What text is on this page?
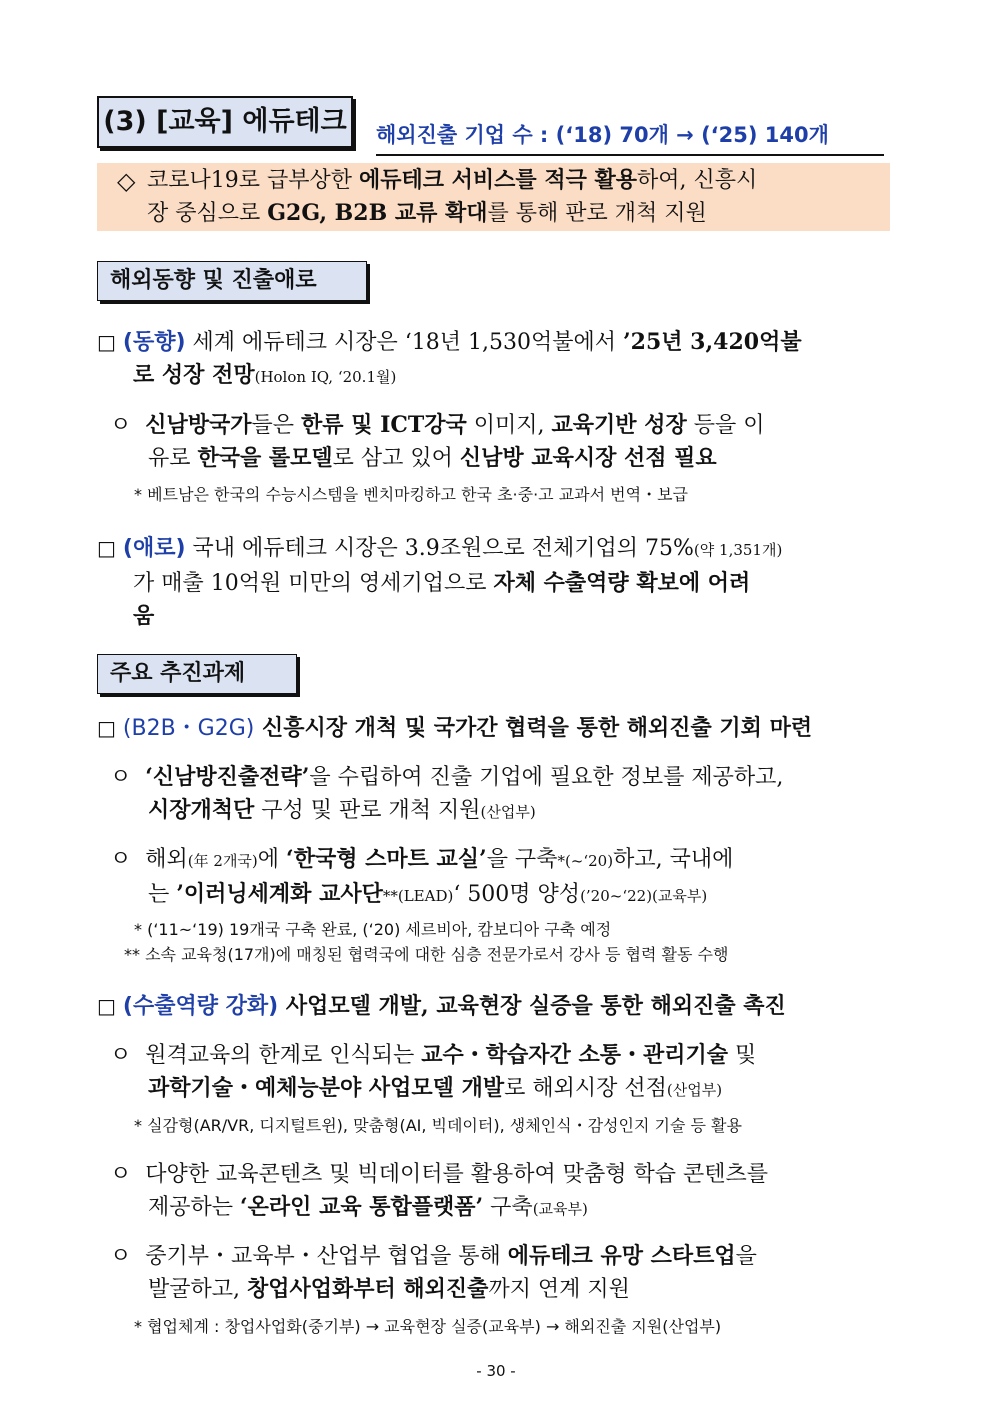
(3) [교육] 에듀테크 해외진출 기업 수 : (‘18) 70개 → (‘25) 140개
◇ 코로나19로 급부상한 에듀테크 서비스를 적극 활용하여, 신흥시
장 중심으로 G2G, B2B 교류 확대를 통해 판로 개척 지원
해외동향 및 진출애로
□ (동향) 세계 에듀테크 시장은 ‘18년 1,530억불에서 ’25년 3,420억불
로 성장 전망(Holon IQ, ‘20.1월)
ㅇ 신남방국가들은 한류 및 ICT강국 이미지, 교육기반 성장 등을 이
유로 한국을 롤모델로 삼고 있어 신남방 교육시장 선점 필요
* 베트남은 한국의 수능시스템을 벤치마킹하고 한국 초·중·고 교과서 번역・보급
□ (애로) 국내 에듀테크 시장은 3.9조원으로 전체기업의 75%(약 1,351개)
가 매출 10억원 미만의 영세기업으로 자체 수출역량 확보에 어려
움
주요 추진과제
□ (B2B・G2G) 신흥시장 개척 및 국가간 협력을 통한 해외진출 기회 마련
ㅇ ‘신남방진출전략’을 수립하여 진출 기업에 필요한 정보를 제공하고,
시장개척단 구성 및 판로 개척 지원(산업부)
ㅇ 해외(年 2개국)에 ‘한국형 스마트 교실’을 구축*(~‘20)하고, 국내에
는 ’이러닝세계화 교사단**(LEAD)‘ 500명 양성(’20~‘22)(교육부)
* (‘11~‘19) 19개국 구축 완료, (‘20) 세르비아, 캄보디아 구축 예정
** 소속 교육청(17개)에 매칭된 협력국에 대한 심층 전문가로서 강사 등 협력 활동 수행
□ (수출역량 강화) 사업모델 개발, 교육현장 실증을 통한 해외진출 촉진
ㅇ 원격교육의 한계로 인식되는 교수・학습자간 소통・관리기술 및
과학기술・예체능분야 사업모델 개발로 해외시장 선점(산업부)
* 실감형(AR/VR, 디지털트윈), 맞춤형(AI, 빅데이터), 생체인식・감성인지 기술 등 활용
ㅇ 다양한 교육콘텐츠 및 빅데이터를 활용하여 맞춤형 학습 콘텐츠를
제공하는 ‘온라인 교육 통합플랫폼’ 구축(교육부)
ㅇ 중기부・교육부・산업부 협업을 통해 에듀테크 유망 스타트업을
발굴하고, 창업사업화부터 해외진출까지 연계 지원
* 협업체계 : 창업사업화(중기부) → 교육현장 실증(교육부) → 해외진출 지원(산업부)
- 30 -
